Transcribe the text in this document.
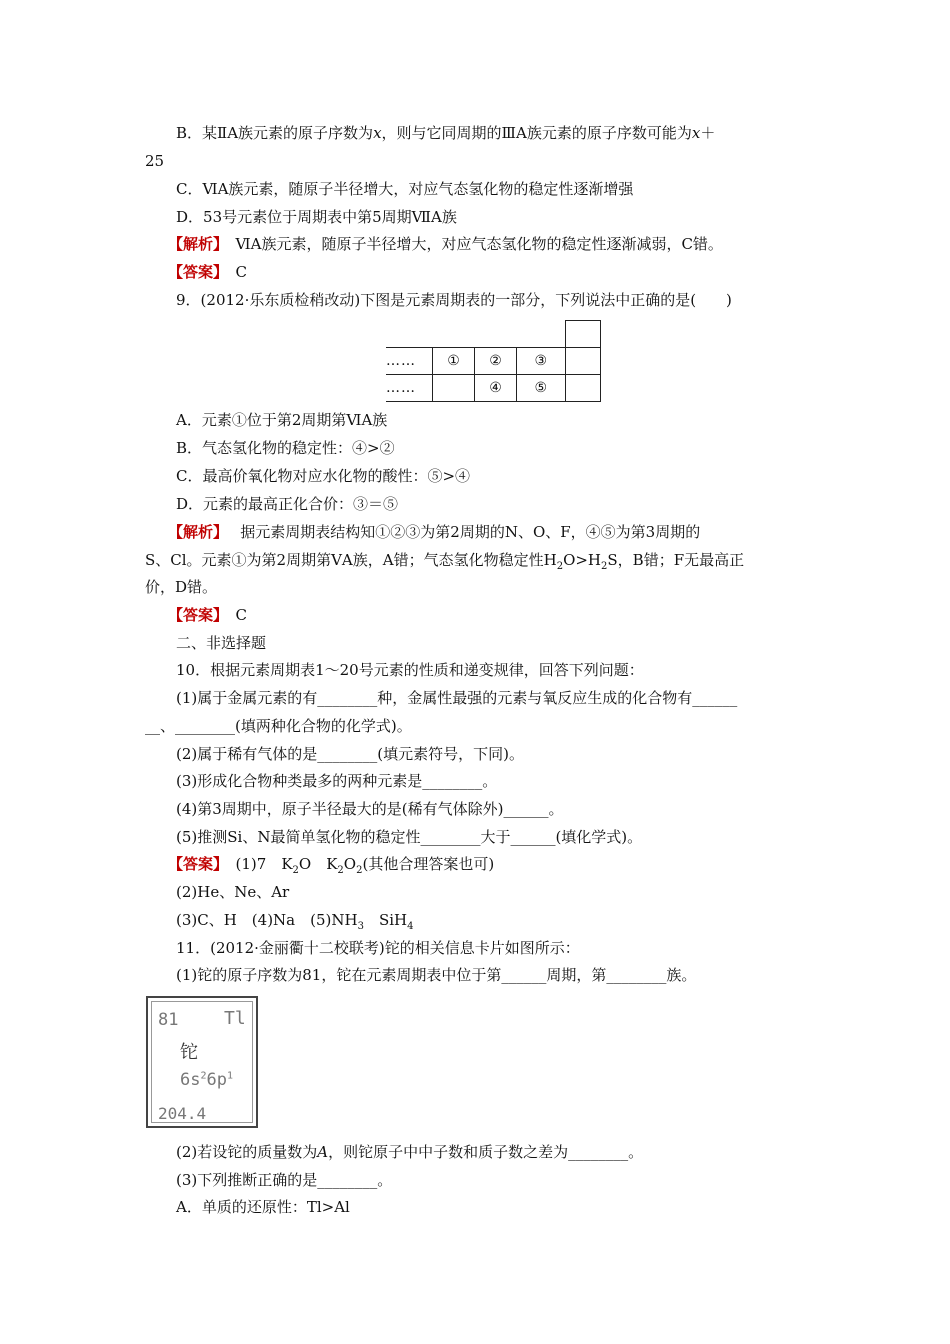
B．某ⅡA族元素的原子序数为x，则与它同周期的ⅢA族元素的原子序数可能为x＋
25
C．ⅥA族元素，随原子半径增大，对应气态氢化物的稳定性逐渐增强
D．53号元素位于周期表中第5周期ⅦA族
【解析】　 ⅥA族元素，随原子半径增大，对应气态氢化物的稳定性逐渐减弱，C错。
【答案】　 C
9．(2012·乐东质检稍改动)下图是元素周期表的一部分，下列说法中正确的是(　　)

……	①	②	③	
……		④	⑤	
A．元素①位于第2周期第ⅥA族
B．气态氢化物的稳定性：④>②
C．最高价氧化物对应水化物的酸性：⑤>④
D．元素的最高正化合价：③＝⑤
【解析】　 据元素周期表结构知①②③为第2周期的N、O、F，④⑤为第3周期的
S、Cl。元素①为第2周期第ⅤA族，A错；气态氢化物稳定性$H_2O>H_2S$，B错；F无最高正
价，D错。
【答案】　 C
二、非选择题
10．根据元素周期表1～20号元素的性质和递变规律，回答下列问题：
(1)属于金属元素的有________种，金属性最强的元素与氧反应生成的化合物有______
__、________(填两种化合物的化学式)。
(2)属于稀有气体的是________(填元素符号，下同)。
(3)形成化合物种类最多的两种元素是________。
(4)第3周期中，原子半径最大的是(稀有气体除外)______。
(5)推测Si、N最简单氢化物的稳定性________大于______(填化学式)。
【答案】　 (1)7　$K_2O$　$K_2O_2$(其他合理答案也可)
(2)He、Ne、Ar
(3)C、H　(4)Na　$(5)NH_3$　SiH$_4$
11．(2012·金丽衢十二校联考)铊的相关信息卡片如图所示：
(1)铊的原子序数为81，铊在元素周期表中位于第______周期，第________族。
81	Tl
铊
$6s^26p^1$
204.4
(2)若设铊的质量数为A，则铊原子中中子数和质子数之差为________。
(3)下列推断正确的是________。
A．单质的还原性：Tl>Al
